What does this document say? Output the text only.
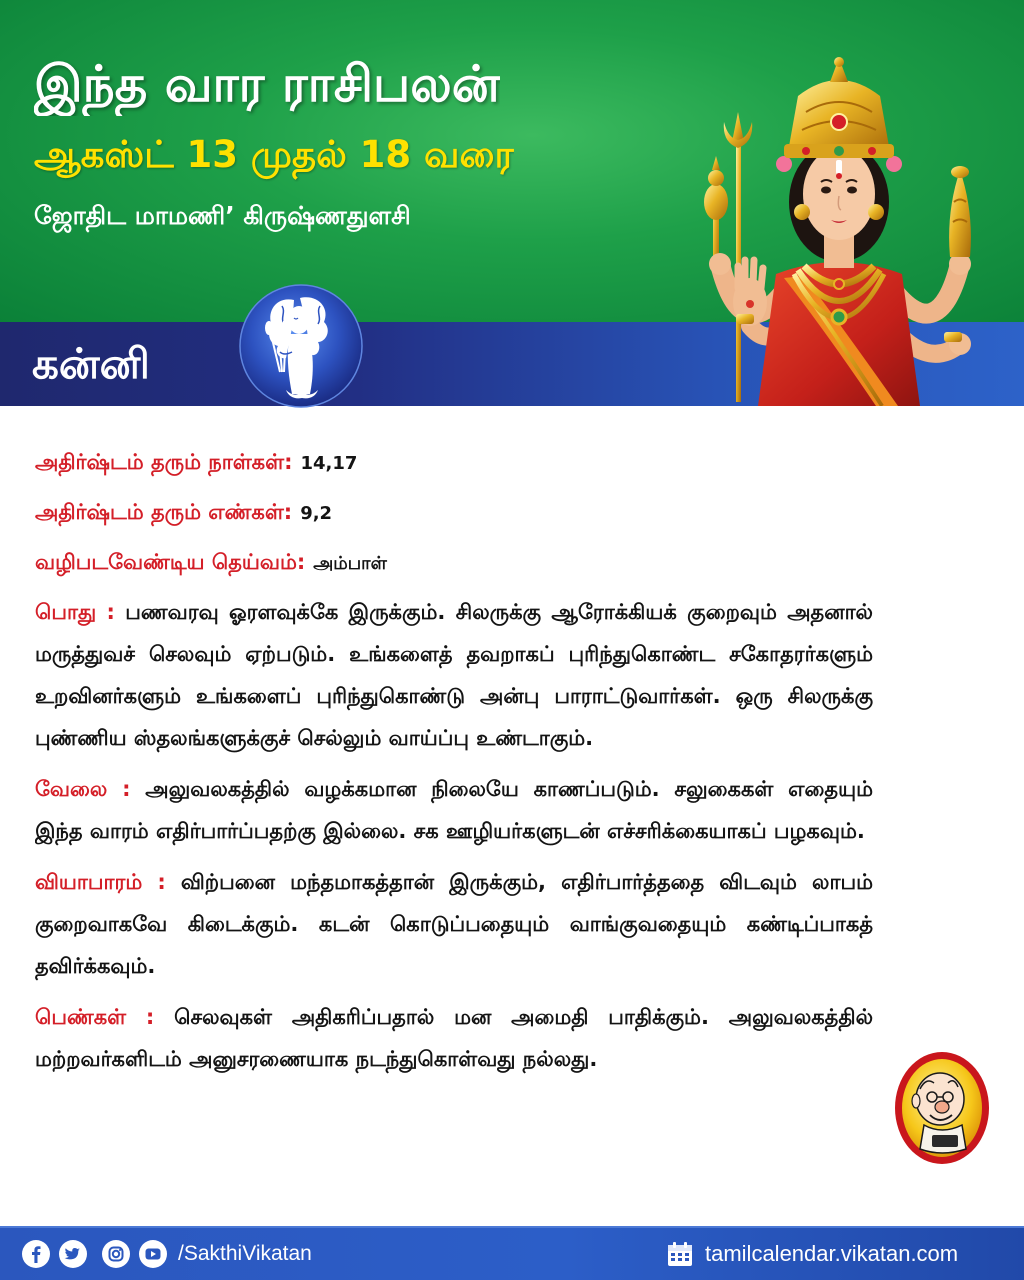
இந்த வார ராசிபலன்
ஆகஸ்ட் 13 முதல் 18 வரை
ஜோதிட மாமணி’ கிருஷ்ணதுளசி
கன்னி
அதிர்ஷ்டம் தரும் நாள்கள்: 14,17
அதிர்ஷ்டம் தரும் எண்கள்: 9,2
வழிபடவேண்டிய தெய்வம்: அம்பாள்

பொது : பணவரவு ஓரளவுக்கே இருக்கும். சிலருக்கு ஆரோக்கியக் குறைவும் அதனால் மருத்துவச் செலவும் ஏற்படும். உங்களைத் தவறாகப் புரிந்துகொண்ட சகோதரர்களும் உறவினர்களும் உங்களைப் புரிந்துகொண்டு அன்பு பாராட்டுவார்கள். ஒரு சிலருக்கு புண்ணிய ஸ்தலங்களுக்குச் செல்லும் வாய்ப்பு உண்டாகும்.

வேலை : அலுவலகத்தில் வழக்கமான நிலையே காணப்படும். சலுகைகள் எதையும் இந்த வாரம் எதிர்பார்ப்பதற்கு இல்லை. சக ஊழியர்களுடன் எச்சரிக்கையாகப் பழகவும்.

வியாபாரம் : விற்பனை மந்தமாகத்தான் இருக்கும், எதிர்பார்த்ததை விடவும் லாபம் குறைவாகவே கிடைக்கும். கடன் கொடுப்பதையும் வாங்குவதையும் கண்டிப்பாகத் தவிர்க்கவும்.

பெண்கள் : செலவுகள் அதிகரிப்பதால் மன அமைதி பாதிக்கும். அலுவலகத்தில் மற்றவர்களிடம் அனுசரணையாக நடந்துகொள்வது நல்லது.

/SakthiVikatan	tamilcalendar.vikatan.com
